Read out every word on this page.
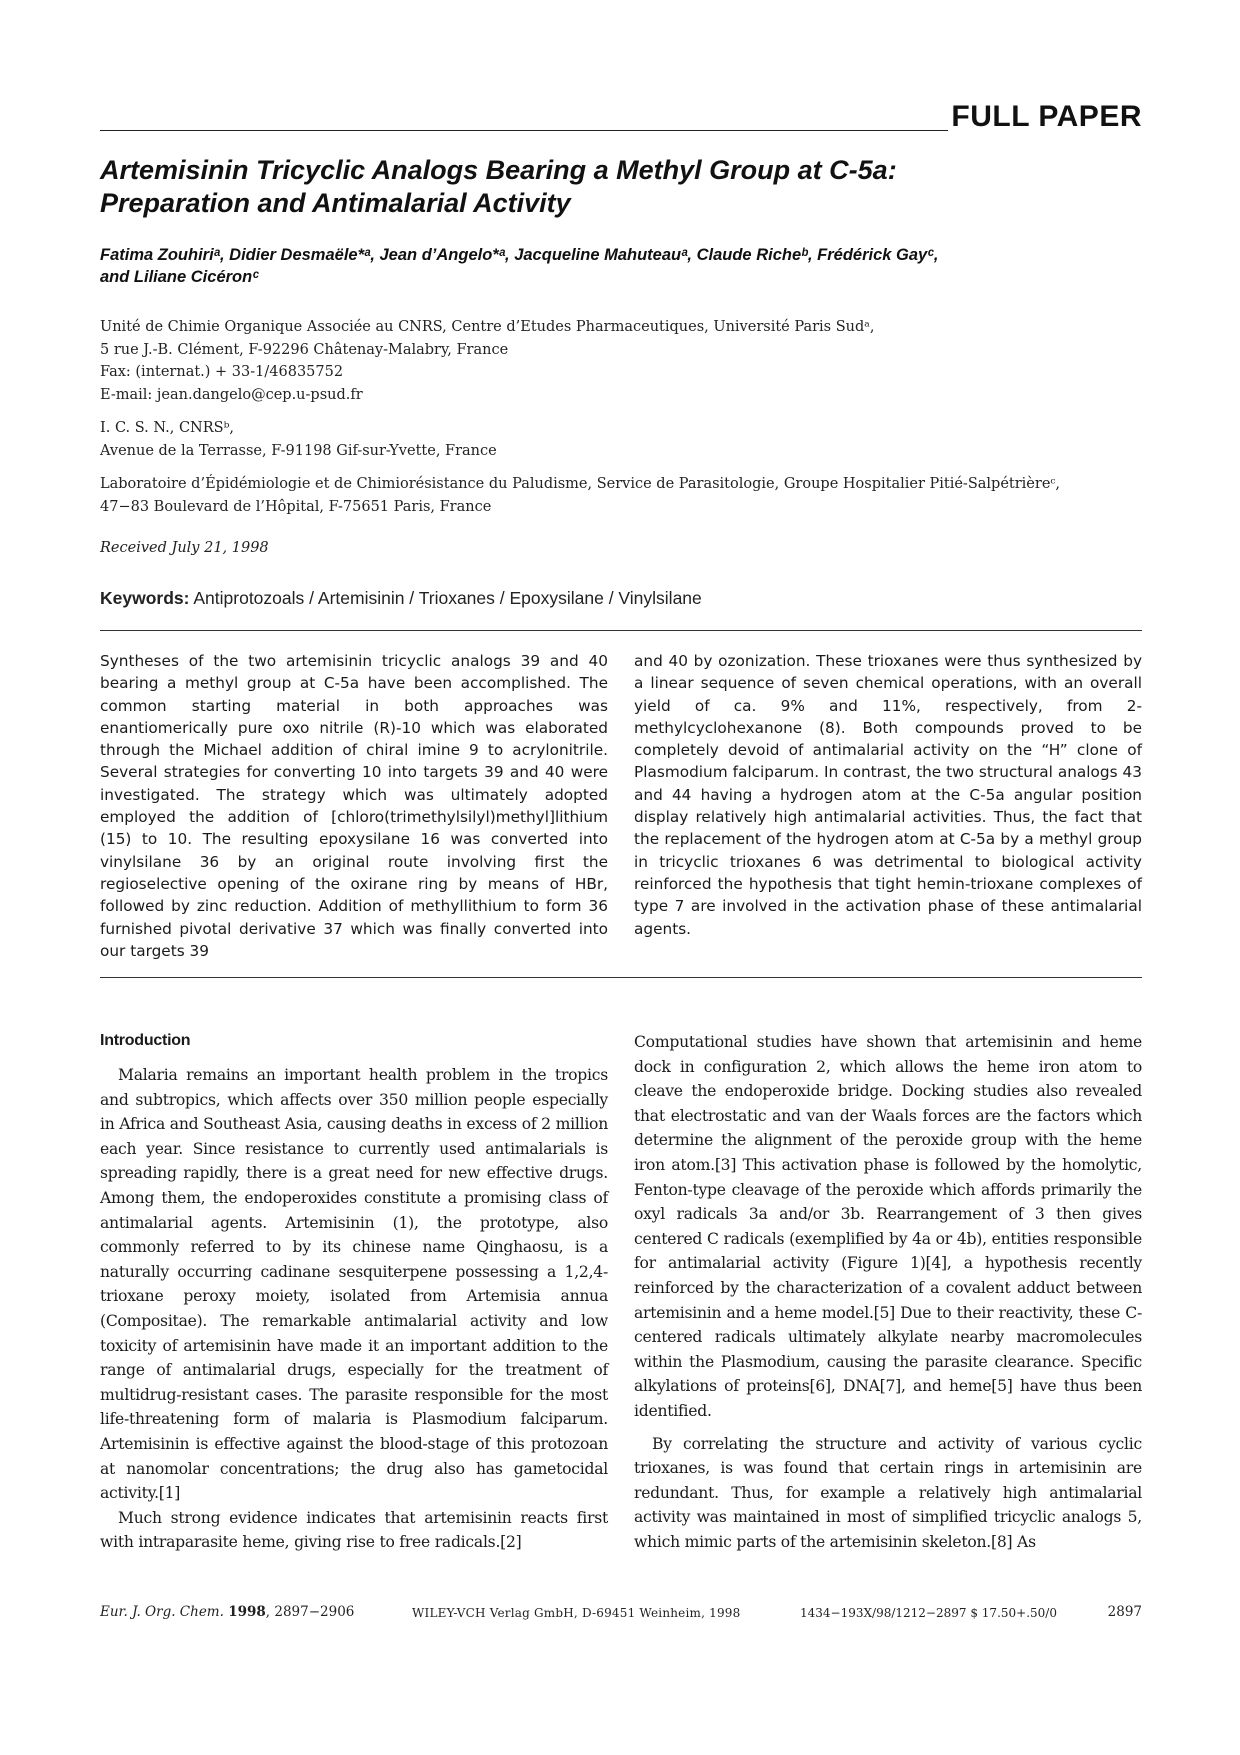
FULL PAPER
Artemisinin Tricyclic Analogs Bearing a Methyl Group at C-5a:
Preparation and Antimalarial Activity

Fatima Zouhiriᵃ, Didier Desmaële*ᵃ, Jean d’Angelo*ᵃ, Jacqueline Mahuteauᵃ, Claude Richeᵇ, Frédérick Gayᶜ,
and Liliane Cicéronᶜ

Unité de Chimie Organique Associée au CNRS, Centre d’Etudes Pharmaceutiques, Université Paris Sudᵃ,
5 rue J.-B. Clément, F-92296 Châtenay-Malabry, France
Fax: (internat.) + 33-1/46835752
E-mail: jean.dangelo@cep.u-psud.fr

I. C. S. N., CNRSᵇ,
Avenue de la Terrasse, F-91198 Gif-sur-Yvette, France

Laboratoire d’Épidémiologie et de Chimiorésistance du Paludisme, Service de Parasitologie, Groupe Hospitalier Pitié-Salpétrièreᶜ,
47−83 Boulevard de l’Hôpital, F-75651 Paris, France

Received July 21, 1998

Keywords: Antiprotozoals / Artemisinin / Trioxanes / Epoxysilane / Vinylsilane

Syntheses of the two artemisinin tricyclic analogs 39 and 40 bearing a methyl group at C-5a have been accomplished. The common starting material in both approaches was enantiomerically pure oxo nitrile (R)-10 which was elaborated through the Michael addition of chiral imine 9 to acrylonitrile. Several strategies for converting 10 into targets 39 and 40 were investigated. The strategy which was ultimately adopted employed the addition of [chloro(trimethylsilyl)methyl]lithium (15) to 10. The resulting epoxysilane 16 was converted into vinylsilane 36 by an original route involving first the regioselective opening of the oxirane ring by means of HBr, followed by zinc reduction. Addition of methyllithium to form 36 furnished pivotal derivative 37 which was finally converted into our targets 39

and 40 by ozonization. These trioxanes were thus synthesized by a linear sequence of seven chemical operations, with an overall yield of ca. 9% and 11%, respectively, from 2-methylcyclohexanone (8). Both compounds proved to be completely devoid of antimalarial activity on the “H” clone of Plasmodium falciparum. In contrast, the two structural analogs 43 and 44 having a hydrogen atom at the C-5a angular position display relatively high antimalarial activities. Thus, the fact that the replacement of the hydrogen atom at C-5a by a methyl group in tricyclic trioxanes 6 was detrimental to biological activity reinforced the hypothesis that tight hemin-trioxane complexes of type 7 are involved in the activation phase of these antimalarial agents.

Introduction

Malaria remains an important health problem in the tropics and subtropics, which affects over 350 million people especially in Africa and Southeast Asia, causing deaths in excess of 2 million each year. Since resistance to currently used antimalarials is spreading rapidly, there is a great need for new effective drugs. Among them, the endoperoxides constitute a promising class of antimalarial agents. Artemisinin (1), the prototype, also commonly referred to by its chinese name Qinghaosu, is a naturally occurring cadinane sesquiterpene possessing a 1,2,4-trioxane peroxy moiety, isolated from Artemisia annua (Compositae). The remarkable antimalarial activity and low toxicity of artemisinin have made it an important addition to the range of antimalarial drugs, especially for the treatment of multidrug-resistant cases. The parasite responsible for the most life-threatening form of malaria is Plasmodium falciparum. Artemisinin is effective against the blood-stage of this protozoan at nanomolar concentrations; the drug also has gametocidal activity.[1]

Much strong evidence indicates that artemisinin reacts first with intraparasite heme, giving rise to free radicals.[2]

Computational studies have shown that artemisinin and heme dock in configuration 2, which allows the heme iron atom to cleave the endoperoxide bridge. Docking studies also revealed that electrostatic and van der Waals forces are the factors which determine the alignment of the peroxide group with the heme iron atom.[3] This activation phase is followed by the homolytic, Fenton-type cleavage of the peroxide which affords primarily the oxyl radicals 3a and/or 3b. Rearrangement of 3 then gives centered C radicals (exemplified by 4a or 4b), entities responsible for antimalarial activity (Figure 1)[4], a hypothesis recently reinforced by the characterization of a covalent adduct between artemisinin and a heme model.[5] Due to their reactivity, these C-centered radicals ultimately alkylate nearby macromolecules within the Plasmodium, causing the parasite clearance. Specific alkylations of proteins[6], DNA[7], and heme[5] have thus been identified.

By correlating the structure and activity of various cyclic trioxanes, is was found that certain rings in artemisinin are redundant. Thus, for example a relatively high antimalarial activity was maintained in most of simplified tricyclic analogs 5, which mimic parts of the artemisinin skeleton.[8] As

Eur. J. Org. Chem. 1998, 2897−2906	WILEY-VCH Verlag GmbH, D-69451 Weinheim, 1998	1434−193X/98/1212−2897 $ 17.50+.50/0	2897
